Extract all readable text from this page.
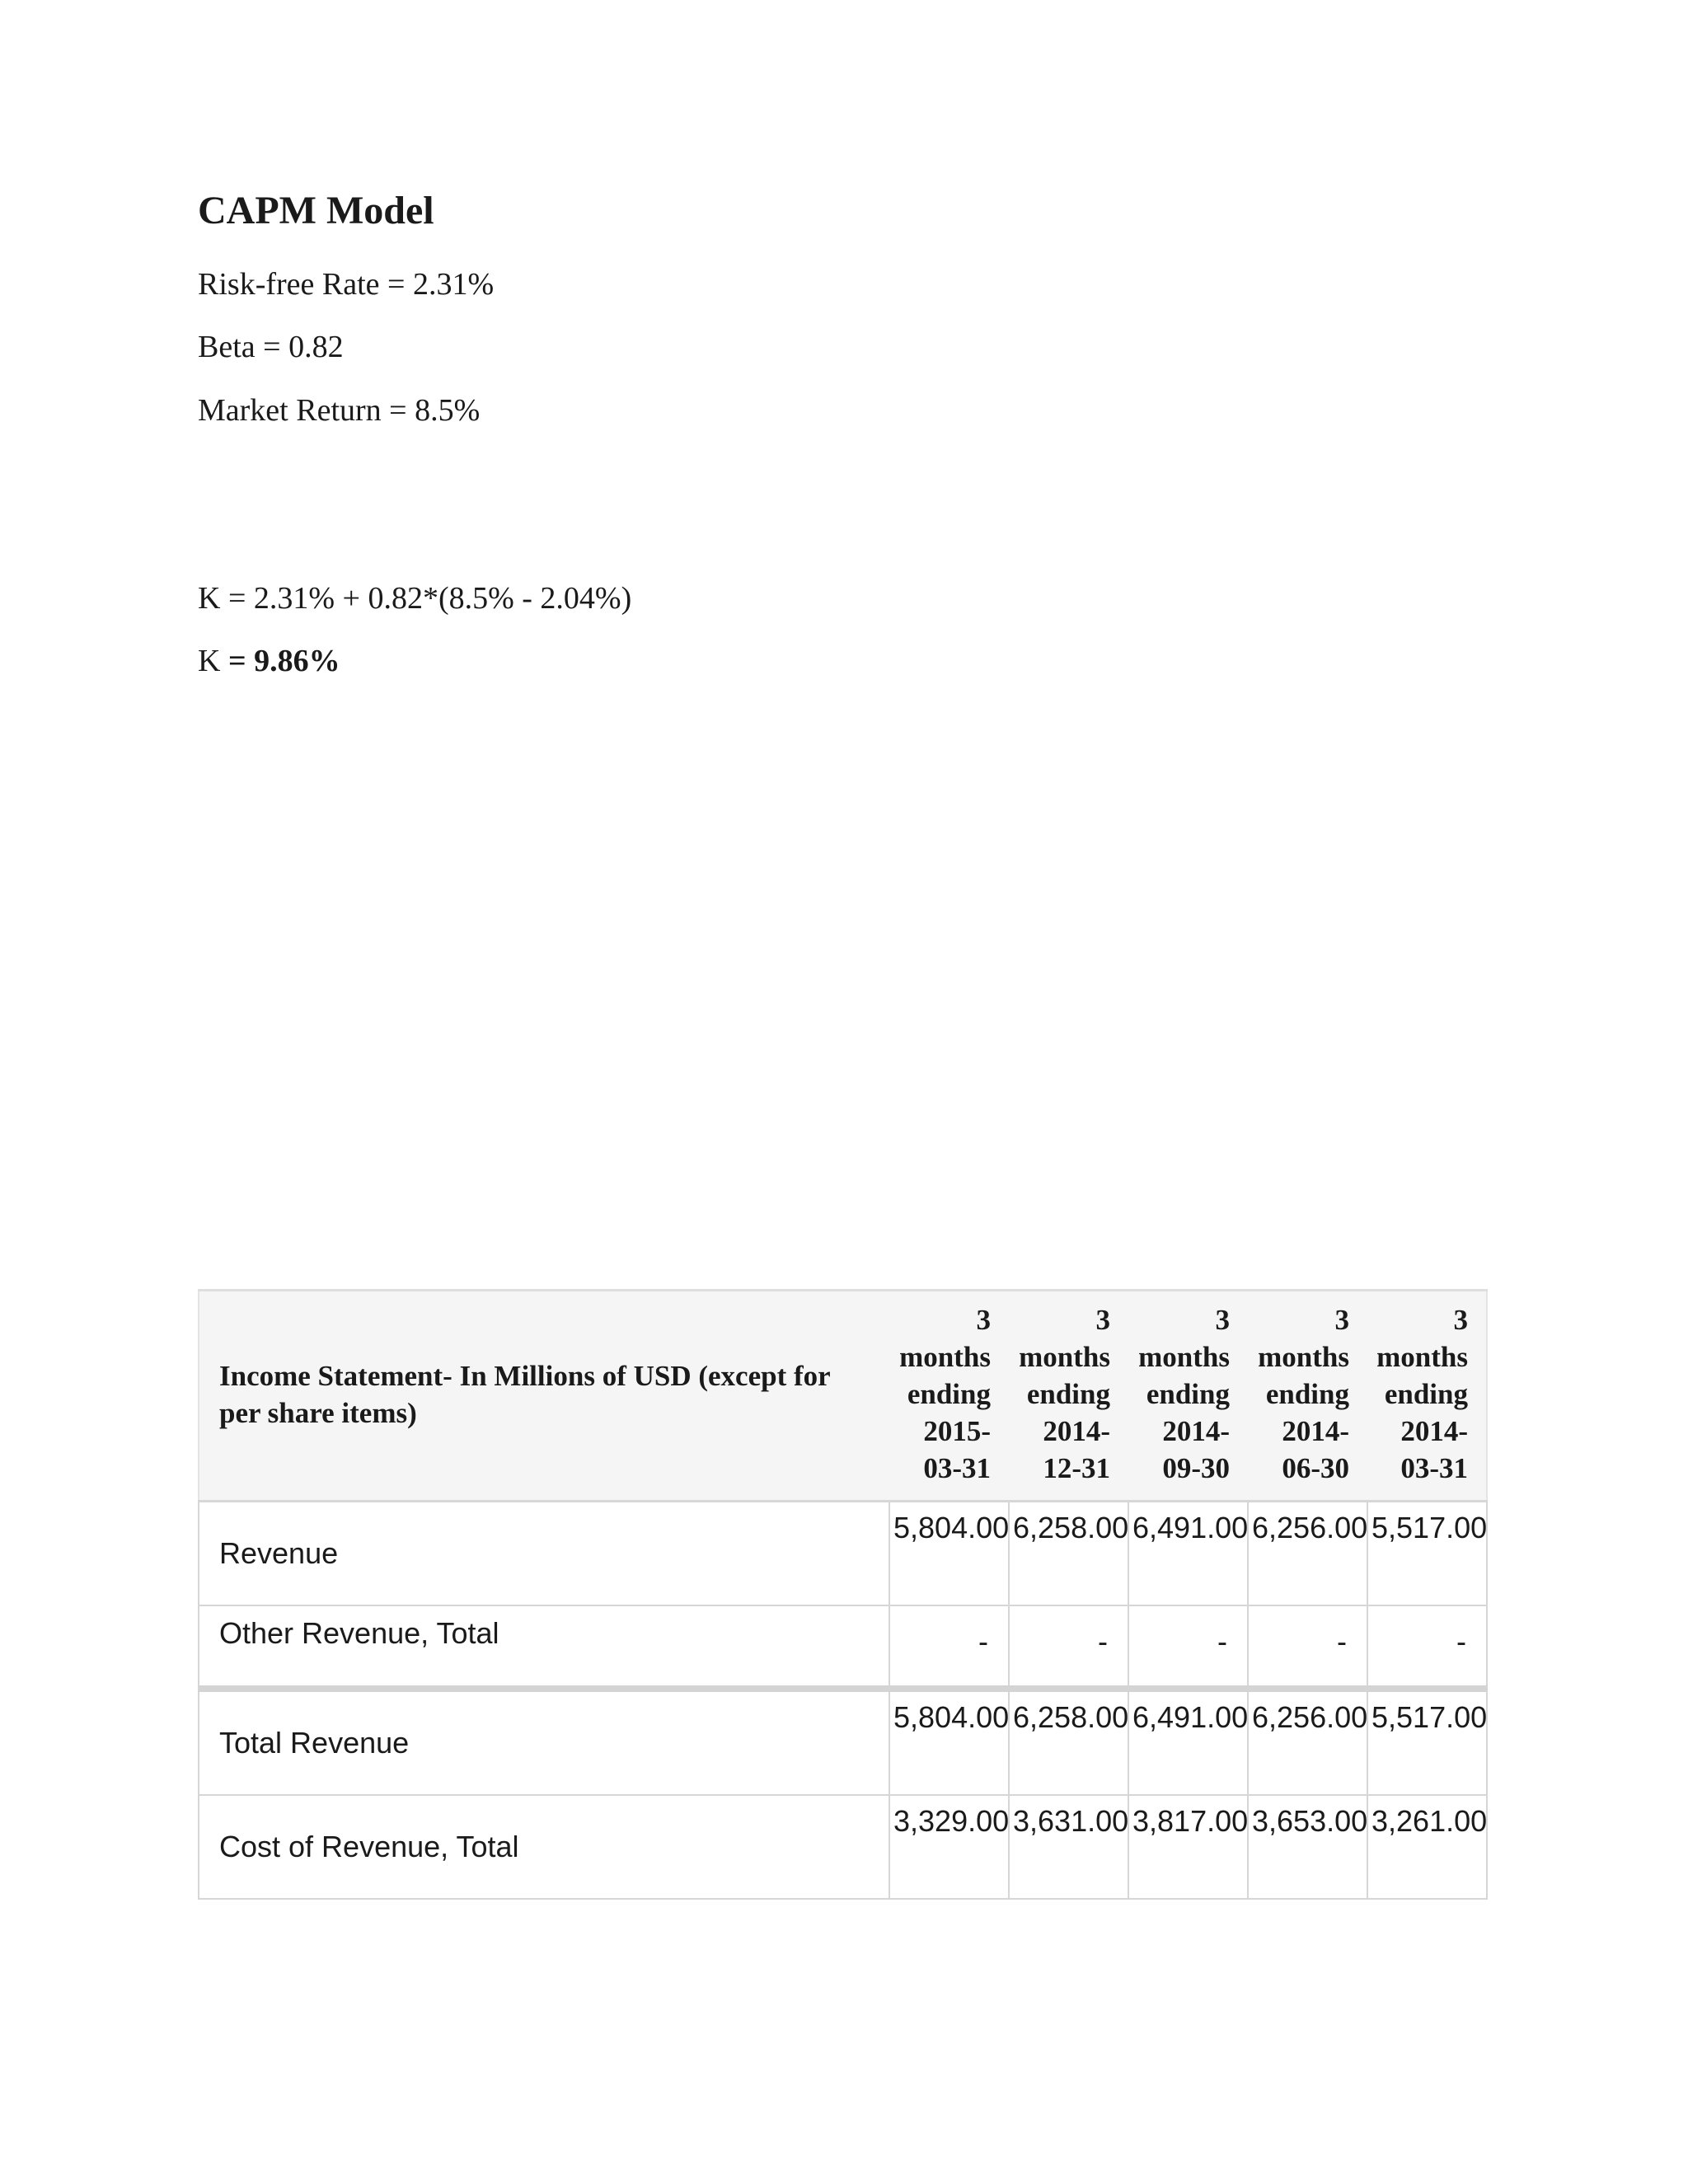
CAPM Model
Risk-free Rate = 2.31%
Beta = 0.82
Market Return = 8.5%
K = 2.31% + 0.82*(8.5% - 2.04%)
K = 9.86%
Income Statement- In Millions of USD (except for per share items)	3 months ending 2015-03-31	3 months ending 2014-12-31	3 months ending 2014-09-30	3 months ending 2014-06-30	3 months ending 2014-03-31
Revenue	5,804.00	6,258.00	6,491.00	6,256.00	5,517.00
Other Revenue, Total	-	-	-	-	-
Total Revenue	5,804.00	6,258.00	6,491.00	6,256.00	5,517.00
Cost of Revenue, Total	3,329.00	3,631.00	3,817.00	3,653.00	3,261.00
